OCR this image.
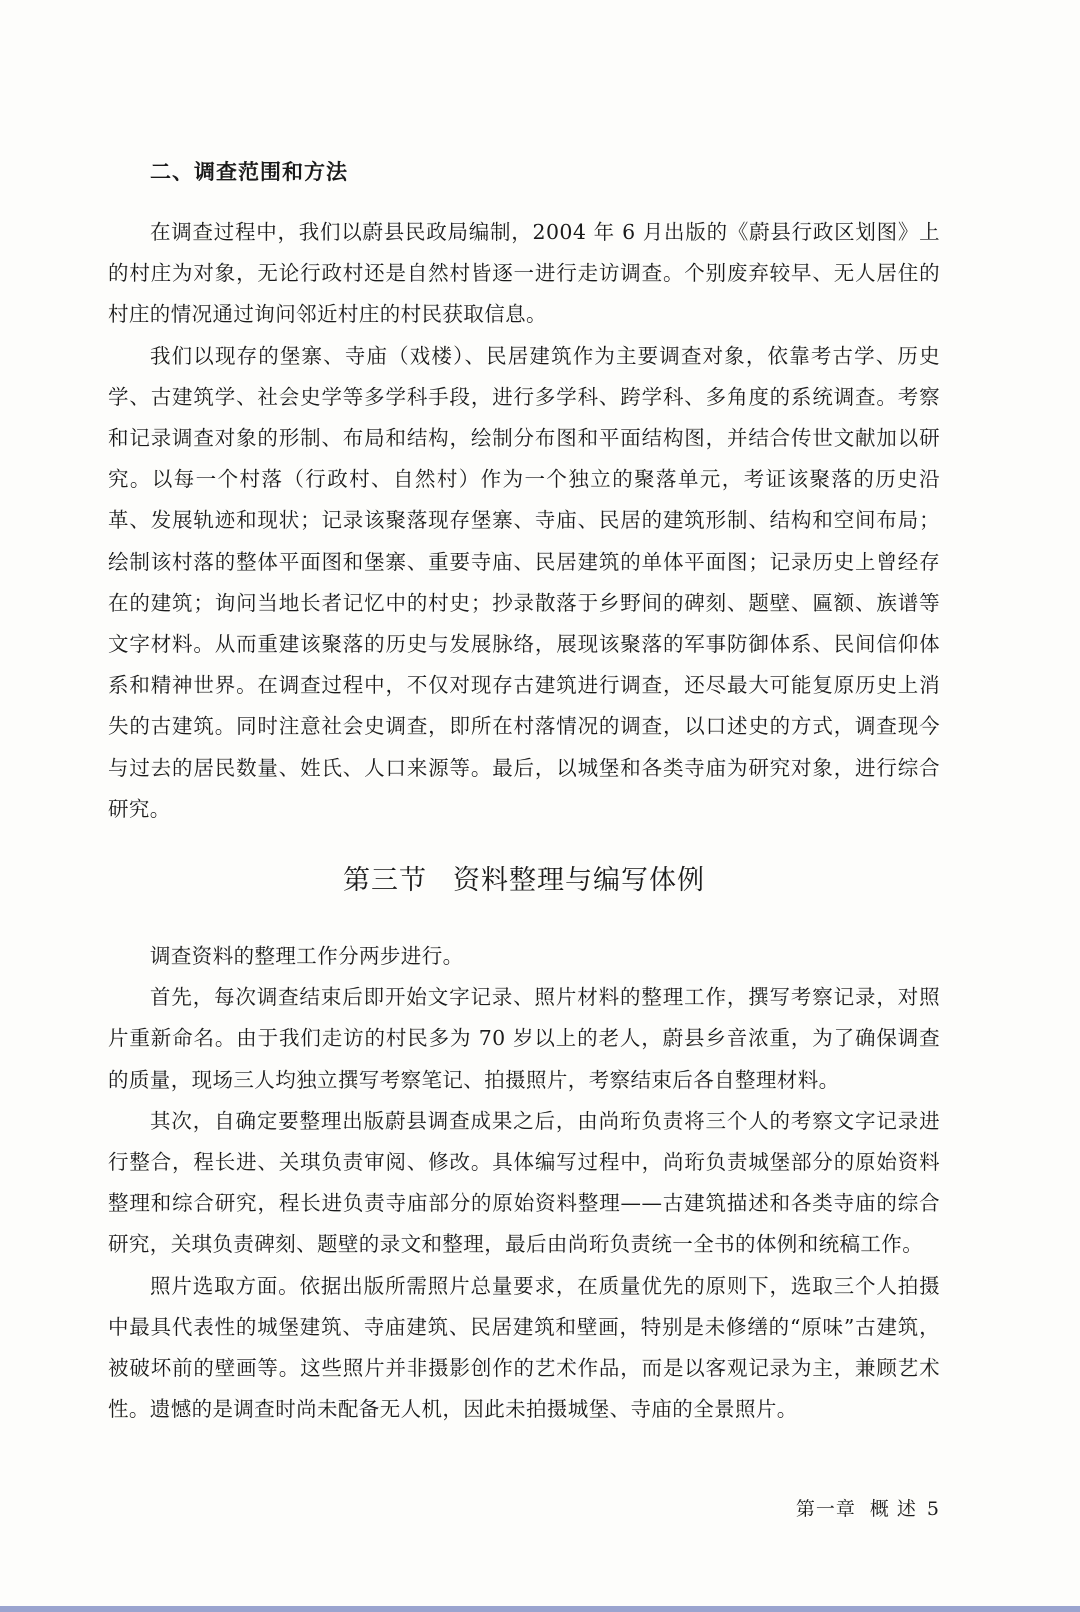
二、调查范围和方法

在调查过程中，我们以蔚县民政局编制，2004 年 6 月出版的《蔚县行政区划图》上的村庄为对象，无论行政村还是自然村皆逐一进行走访调查。个别废弃较早、无人居住的村庄的情况通过询问邻近村庄的村民获取信息。

我们以现存的堡寨、寺庙（戏楼）、民居建筑作为主要调查对象，依靠考古学、历史学、古建筑学、社会史学等多学科手段，进行多学科、跨学科、多角度的系统调查。考察和记录调查对象的形制、布局和结构，绘制分布图和平面结构图，并结合传世文献加以研究。以每一个村落（行政村、自然村）作为一个独立的聚落单元，考证该聚落的历史沿革、发展轨迹和现状；记录该聚落现存堡寨、寺庙、民居的建筑形制、结构和空间布局；绘制该村落的整体平面图和堡寨、重要寺庙、民居建筑的单体平面图；记录历史上曾经存在的建筑；询问当地长者记忆中的村史；抄录散落于乡野间的碑刻、题壁、匾额、族谱等文字材料。从而重建该聚落的历史与发展脉络，展现该聚落的军事防御体系、民间信仰体系和精神世界。在调查过程中，不仅对现存古建筑进行调查，还尽最大可能复原历史上消失的古建筑。同时注意社会史调查，即所在村落情况的调查，以口述史的方式，调查现今与过去的居民数量、姓氏、人口来源等。最后，以城堡和各类寺庙为研究对象，进行综合研究。

第三节 资料整理与编写体例

调查资料的整理工作分两步进行。

首先，每次调查结束后即开始文字记录、照片材料的整理工作，撰写考察记录，对照片重新命名。由于我们走访的村民多为 70 岁以上的老人，蔚县乡音浓重，为了确保调查的质量，现场三人均独立撰写考察笔记、拍摄照片，考察结束后各自整理材料。

其次，自确定要整理出版蔚县调查成果之后，由尚珩负责将三个人的考察文字记录进行整合，程长进、关琪负责审阅、修改。具体编写过程中，尚珩负责城堡部分的原始资料整理和综合研究，程长进负责寺庙部分的原始资料整理——古建筑描述和各类寺庙的综合研究，关琪负责碑刻、题壁的录文和整理，最后由尚珩负责统一全书的体例和统稿工作。

照片选取方面。依据出版所需照片总量要求，在质量优先的原则下，选取三个人拍摄中最具代表性的城堡建筑、寺庙建筑、民居建筑和壁画，特别是未修缮的“原味”古建筑，被破坏前的壁画等。这些照片并非摄影创作的艺术作品，而是以客观记录为主，兼顾艺术性。遗憾的是调查时尚未配备无人机，因此未拍摄城堡、寺庙的全景照片。

第一章 概 述 5
